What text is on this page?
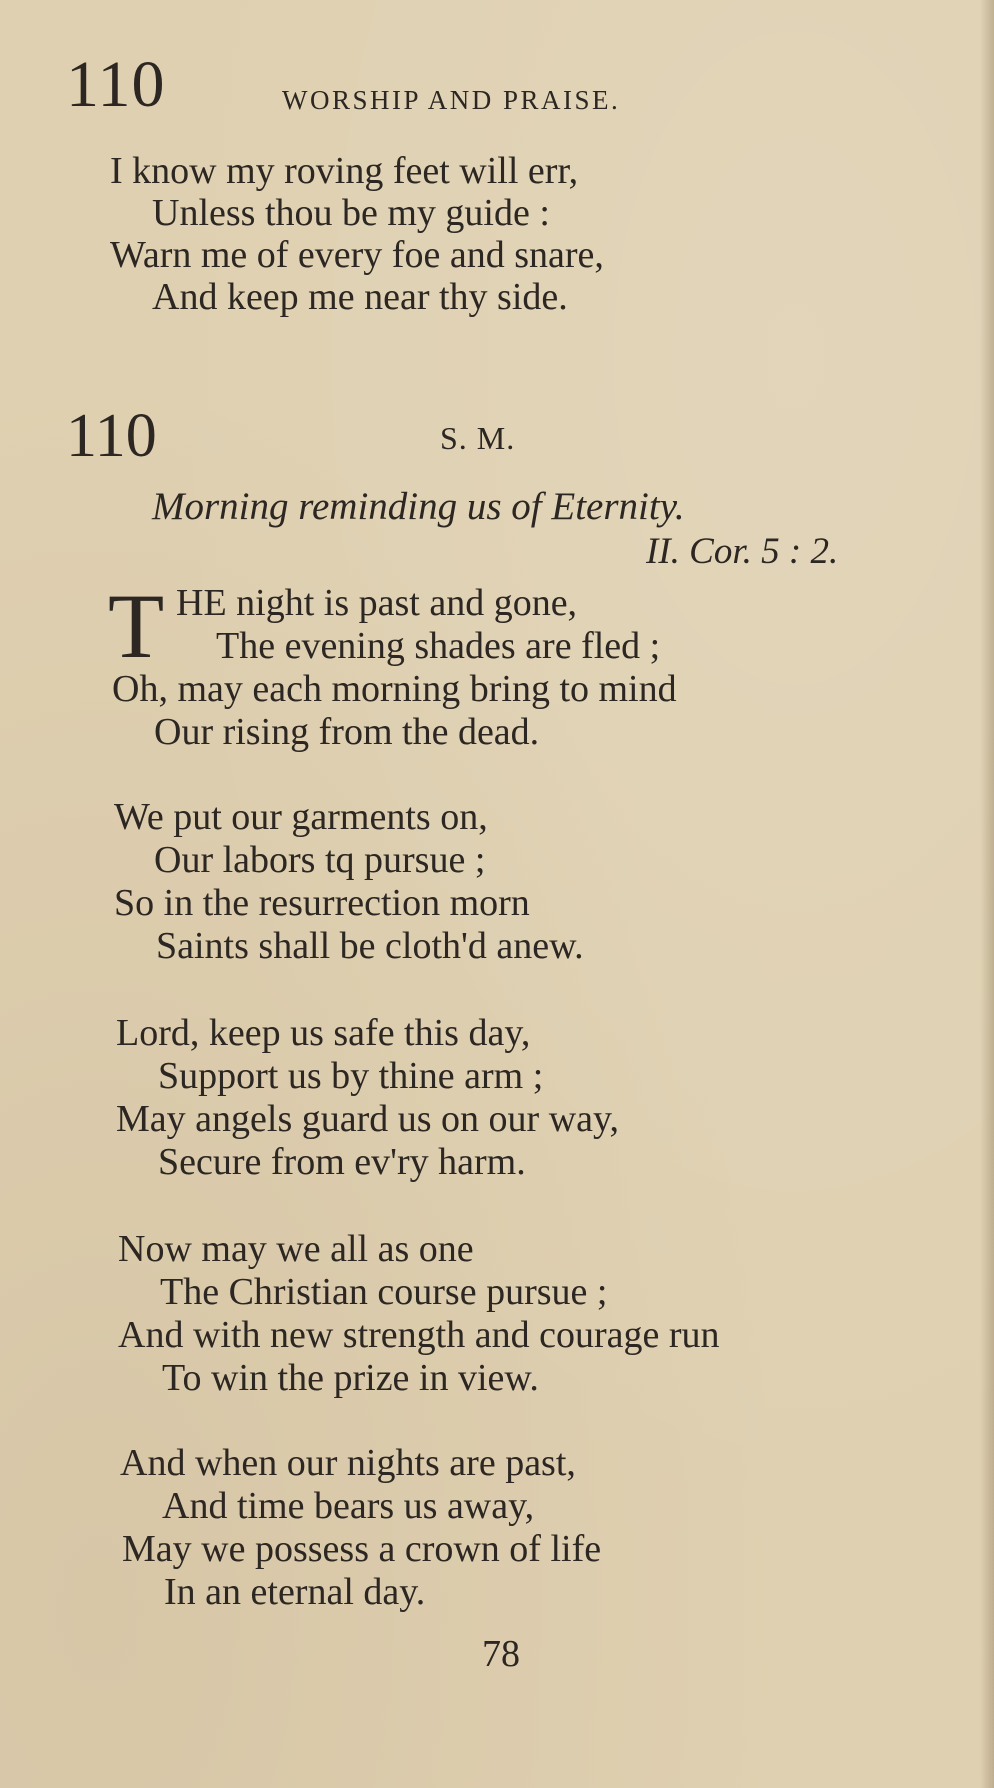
110	WORSHIP AND PRAISE.
I know my roving feet will err,
Unless thou be my guide :
Warn me of every foe and snare,
And keep me near thy side.
110	S. M.
Morning reminding us of Eternity.
II. Cor. 5 : 2.
T HE night is past and gone,
The evening shades are fled ;
Oh, may each morning bring to mind
Our rising from the dead.
We put our garments on,
Our labors tq pursue ;
So in the resurrection morn
Saints shall be cloth'd anew.
Lord, keep us safe this day,
Support us by thine arm ;
May angels guard us on our way,
Secure from ev'ry harm.
Now may we all as one
The Christian course pursue ;
And with new strength and courage run
To win the prize in view.
And when our nights are past,
And time bears us away,
May we possess a crown of life
In an eternal day.
78
